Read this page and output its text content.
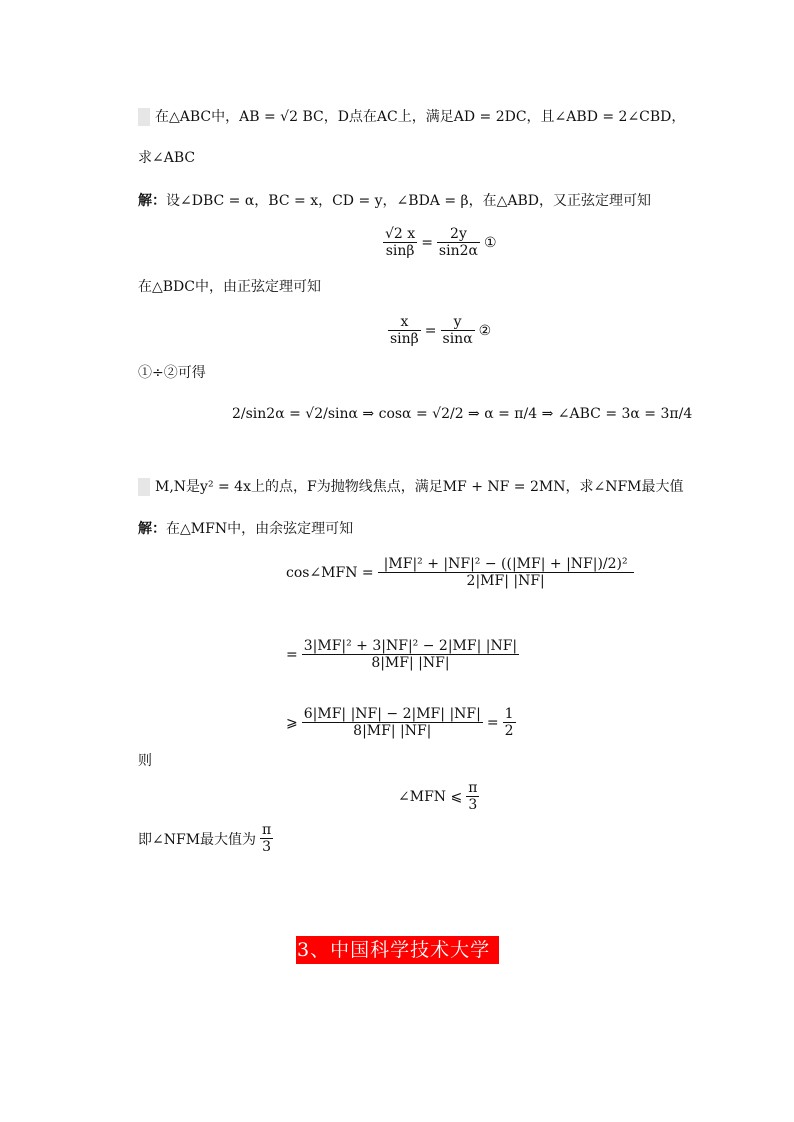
在△ABC中，AB = √2 BC，D点在AC上，满足AD = 2DC，且∠ABD = 2∠CBD，
求∠ABC
解：设∠DBC = α，BC = x，CD = y，∠BDA = β，在△ABD，又正弦定理可知
$\frac{√2 x}{\sin\beta} = \frac{2y}{\sin 2\alpha}$ ①
在△BDC中，由正弦定理可知
$\frac{x}{\sin\beta} = \frac{y}{\sin\alpha}$ ②
①÷②可得
2/sin2α = √2/sinα ⇒ cosα = √2/2 ⇒ α = π/4 ⇒ ∠ABC = 3α = 3π/4
M,N是y² = 4x上的点，F为抛物线焦点，满足MF + NF = 2MN，求∠NFM最大值
解：在△MFN中，由余弦定理可知
cos∠MFN = $\frac{\text{|MF|² + |NF|² − ((|MF| + |NF|)/2)²}}{2|MF| |NF|}$
= $\frac{\text{3|MF|² + 3|NF|² − 2|MF| |NF|}}{8|MF| |NF|}$
⩾ $\frac{6|MF| |NF| - 2|MF| |NF|}{8|MF| |NF|} = \frac{1}{2}$
则
∠MFN ⩽ $\frac{\pi}{3}$
即∠NFM最大值为 $\frac{\pi}{3}$
3、中国科学技术大学
